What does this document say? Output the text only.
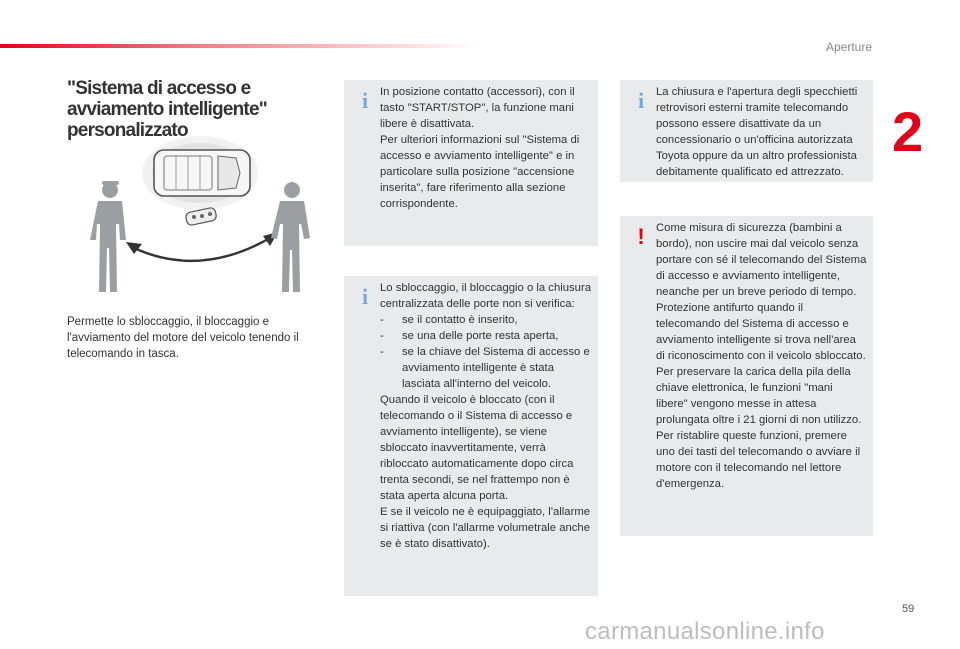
Aperture
2
"Sistema di accesso e avviamento intelligente" personalizzato

Permette lo sbloccaggio, il bloccaggio e l'avviamento del motore del veicolo tenendo il telecomando in tasca.

i	In posizione contatto (accessori), con il tasto "START/STOP", la funzione mani libere è disattivata.

Per ulteriori informazioni sul "Sistema di accesso e avviamento intelligente" e in particolare sulla posizione "accensione inserita", fare riferimento alla sezione corrispondente.

i	Lo sbloccaggio, il bloccaggio o la chiusura centralizzata delle porte non si verifica:

- se il contatto è inserito,
- se una delle porte resta aperta,
- se la chiave del Sistema di accesso e avviamento intelligente è stata lasciata all'interno del veicolo.

Quando il veicolo è bloccato (con il telecomando o il Sistema di accesso e avviamento intelligente), se viene sbloccato inavvertitamente, verrà ribloccato automaticamente dopo circa trenta secondi, se nel frattempo non è stata aperta alcuna porta.

E se il veicolo ne è equipaggiato, l'allarme si riattiva (con l'allarme volumetrale anche se è stato disattivato).

i	La chiusura e l'apertura degli specchietti retrovisori esterni tramite telecomando possono essere disattivate da un concessionario o un'officina autorizzata Toyota oppure da un altro professionista debitamente qualificato ed attrezzato.

! Come misura di sicurezza (bambini a bordo), non uscire mai dal veicolo senza portare con sé il telecomando del Sistema di accesso e avviamento intelligente, neanche per un breve periodo di tempo.

Protezione antifurto quando il telecomando del Sistema di accesso e avviamento intelligente si trova nell'area di riconoscimento con il veicolo sbloccato.

Per preservare la carica della pila della chiave elettronica, le funzioni "mani libere" vengono messe in attesa prolungata oltre i 21 giorni di non utilizzo. Per ristablire queste funzioni, premere uno dei tasti del telecomando o avviare il motore con il telecomando nel lettore d'emergenza.

59
carmanualsonline.info
